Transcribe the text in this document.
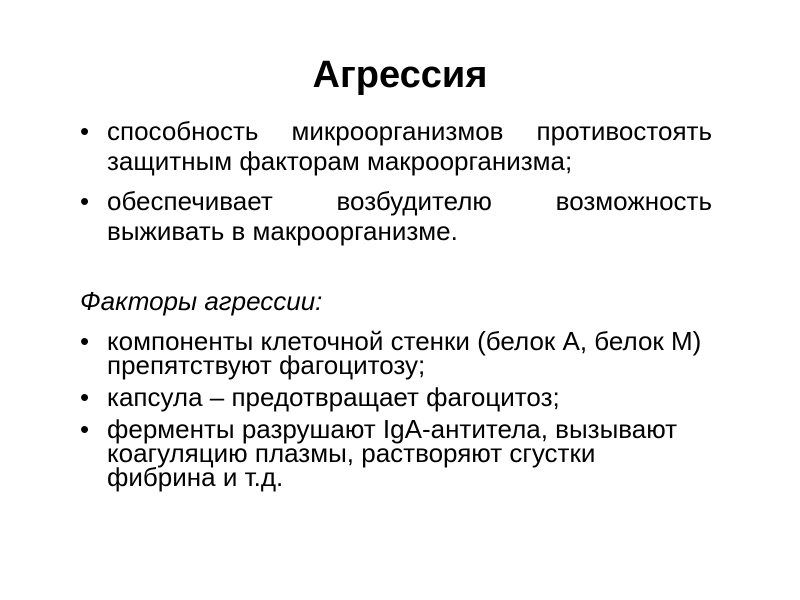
Агрессия
• способность микроорганизмов противостоять
защитным факторам макроорганизма;
• обеспечивает возбудителю возможность
выживать в макроорганизме.
Факторы агрессии:
• компоненты клеточной стенки (белок А, белок М)
препятствуют фагоцитозу;
• капсула – предотвращает фагоцитоз;
• ферменты разрушают IgA-антитела, вызывают
коагуляцию плазмы, растворяют сгустки
фибрина и т.д.
